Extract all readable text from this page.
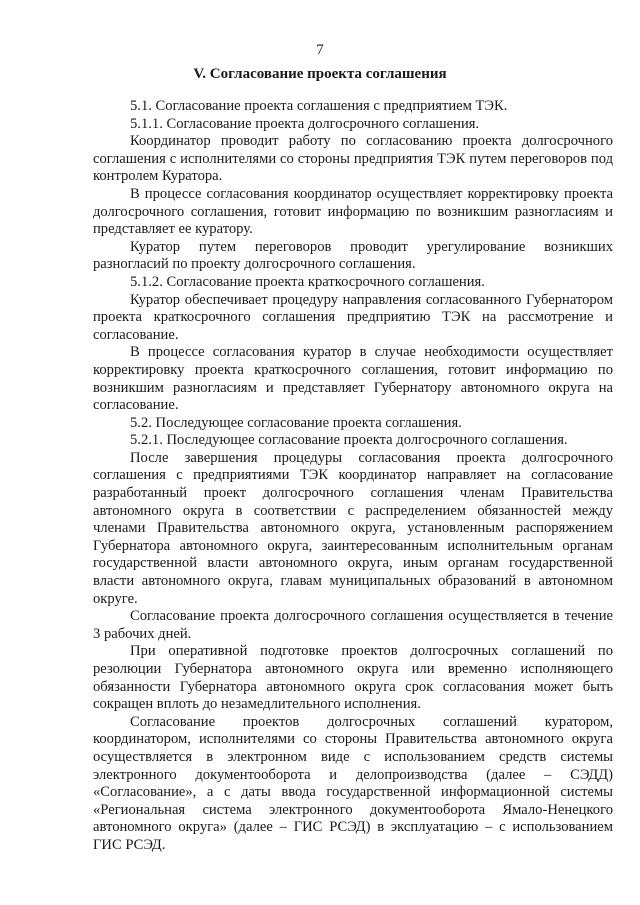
7
V. Согласование проекта соглашения

5.1. Согласование проекта соглашения с предприятием ТЭК.

5.1.1. Согласование проекта долгосрочного соглашения.

Координатор проводит работу по согласованию проекта долгосрочного соглашения с исполнителями со стороны предприятия ТЭК путем переговоров под контролем Куратора.

В процессе согласования координатор осуществляет корректировку проекта долгосрочного соглашения, готовит информацию по возникшим разногласиям и представляет ее куратору.

Куратор путем переговоров проводит урегулирование возникших разногласий по проекту долгосрочного соглашения.

5.1.2. Согласование проекта краткосрочного соглашения.

Куратор обеспечивает процедуру направления согласованного Губернатором проекта краткосрочного соглашения предприятию ТЭК на рассмотрение и согласование.

В процессе согласования куратор в случае необходимости осуществляет корректировку проекта краткосрочного соглашения, готовит информацию по возникшим разногласиям и представляет Губернатору автономного округа на согласование.

5.2. Последующее согласование проекта соглашения.

5.2.1. Последующее согласование проекта долгосрочного соглашения.

После завершения процедуры согласования проекта долгосрочного соглашения с предприятиями ТЭК координатор направляет на согласование разработанный проект долгосрочного соглашения членам Правительства автономного округа в соответствии с распределением обязанностей между членами Правительства автономного округа, установленным распоряжением Губернатора автономного округа, заинтересованным исполнительным органам государственной власти автономного округа, иным органам государственной власти автономного округа, главам муниципальных образований в автономном округе.

Согласование проекта долгосрочного соглашения осуществляется в течение 3 рабочих дней.

При оперативной подготовке проектов долгосрочных соглашений по резолюции Губернатора автономного округа или временно исполняющего обязанности Губернатора автономного округа срок согласования может быть сокращен вплоть до незамедлительного исполнения.

Согласование проектов долгосрочных соглашений куратором, координатором, исполнителями со стороны Правительства автономного округа осуществляется в электронном виде с использованием средств системы электронного документооборота и делопроизводства (далее – СЭДД) «Согласование», а с даты ввода государственной информационной системы «Региональная система электронного документооборота Ямало-Ненецкого автономного округа» (далее – ГИС РСЭД) в эксплуатацию – с использованием ГИС РСЭД.
